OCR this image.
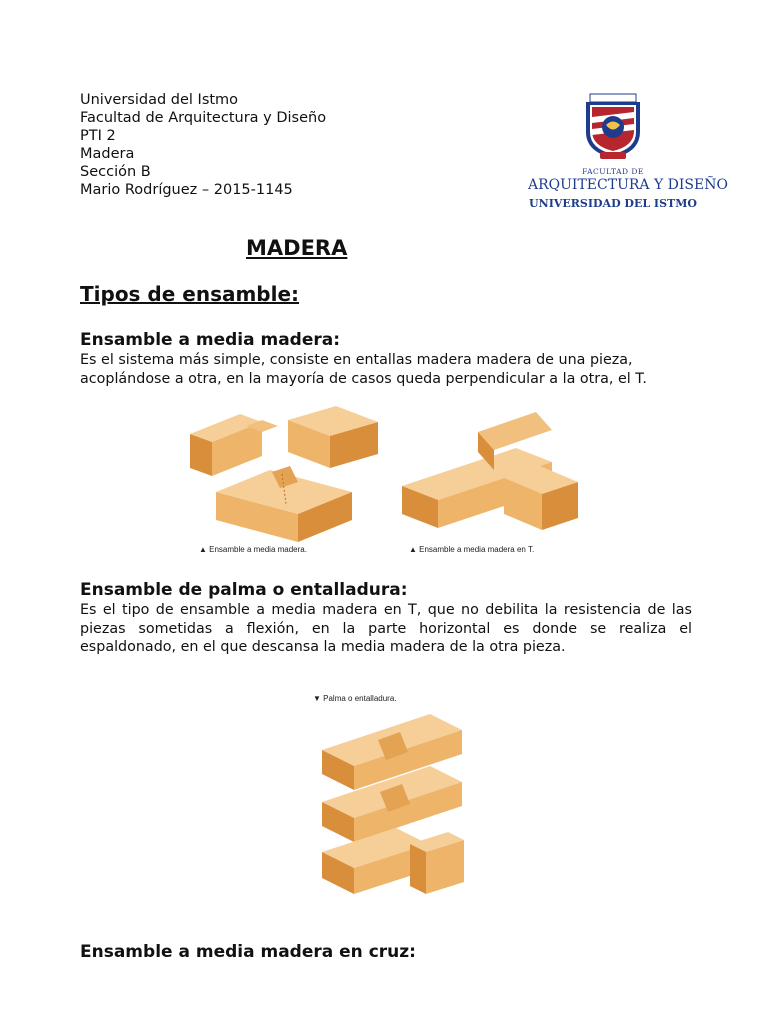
Universidad del Istmo
Facultad de Arquitectura y Diseño
PTI 2
Madera
Sección B
Mario Rodríguez – 2015-1145
FACULTAD DE
ARQUITECTURA Y DISEÑO
UNIVERSIDAD DEL ISTMO
MADERA
Tipos de ensamble:
Ensamble a media madera:
Es el sistema más simple, consiste en entallas madera madera de una pieza,
acoplándose a otra, en la mayoría de casos queda perpendicular a la otra, el T.
▲ Ensamble a media madera.	▲ Ensamble a media madera en T.
Ensamble de palma o entalladura:
Es el tipo de ensamble a media madera en T, que no debilita la resistencia de las piezas sometidas a flexión, en la parte horizontal es donde se realiza el espaldonado, en el que descansa la media madera de la otra pieza.
▼ Palma o entalladura.
Ensamble a media madera en cruz:
